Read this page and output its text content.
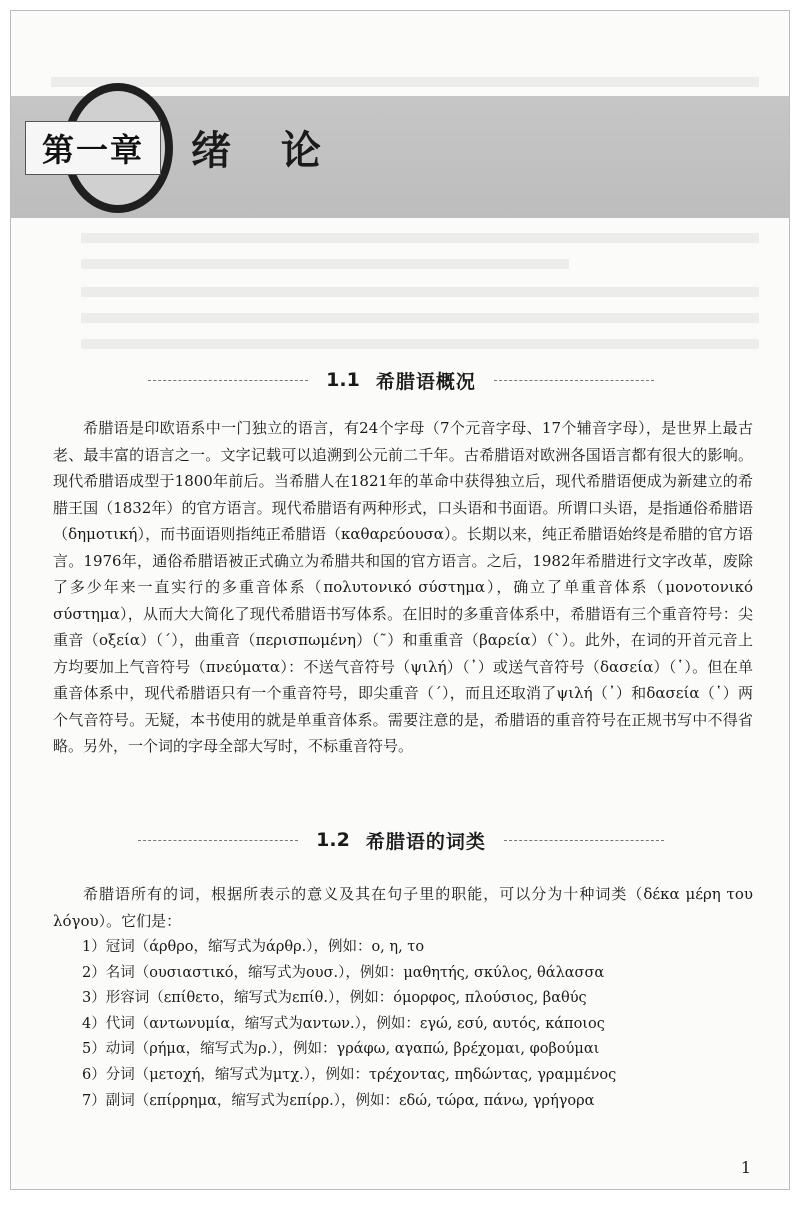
第一章	绪 论
1.1 希腊语概况

希腊语是印欧语系中一门独立的语言，有24个字母（7个元音字母、17个辅音字母），是世界上最古老、最丰富的语言之一。文字记载可以追溯到公元前二千年。古希腊语对欧洲各国语言都有很大的影响。现代希腊语成型于1800年前后。当希腊人在1821年的革命中获得独立后，现代希腊语便成为新建立的希腊王国（1832年）的官方语言。现代希腊语有两种形式，口头语和书面语。所谓口头语，是指通俗希腊语（δημοτική），而书面语则指纯正希腊语（καθαρεύουσα）。长期以来，纯正希腊语始终是希腊的官方语言。1976年，通俗希腊语被正式确立为希腊共和国的官方语言。之后，1982年希腊进行文字改革，废除了多少年来一直实行的多重音体系（πολυτονικό σύστημα），确立了单重音体系（μονοτονικό σύστημα），从而大大简化了现代希腊语书写体系。在旧时的多重音体系中，希腊语有三个重音符号：尖重音（οξεία）（΄），曲重音（περισπωμένη）（῀）和重重音（βαρεία）（`）。此外，在词的开首元音上方均要加上气音符号（πνεύματα）：不送气音符号（ψιλή）（᾿）或送气音符号（δασεία）（῾）。但在单重音体系中，现代希腊语只有一个重音符号，即尖重音（΄），而且还取消了ψιλή（᾿）和δασεία（῾）两个气音符号。无疑，本书使用的就是单重音体系。需要注意的是，希腊语的重音符号在正规书写中不得省略。另外，一个词的字母全部大写时，不标重音符号。

1.2 希腊语的词类

希腊语所有的词，根据所表示的意义及其在句子里的职能，可以分为十种词类（δέκα μέρη του λόγου）。它们是：

1）冠词（άρθρο，缩写式为άρθρ.），例如：ο, η, το
2）名词（ουσιαστικό，缩写式为ουσ.），例如：μαθητής, σκύλος, θάλασσα
3）形容词（επίθετο，缩写式为επίθ.），例如：όμορφος, πλούσιος, βαθύς
4）代词（αντωνυμία，缩写式为αντων.），例如：εγώ, εσύ, αυτός, κάποιος
5）动词（ρήμα，缩写式为ρ.），例如：γράφω, αγαπώ, βρέχομαι, φοβούμαι
6）分词（μετοχή，缩写式为μτχ.），例如：τρέχοντας, πηδώντας, γραμμένος
7）副词（επίρρημα，缩写式为επίρρ.），例如：εδώ, τώρα, πάνω, γρήγορα
1
